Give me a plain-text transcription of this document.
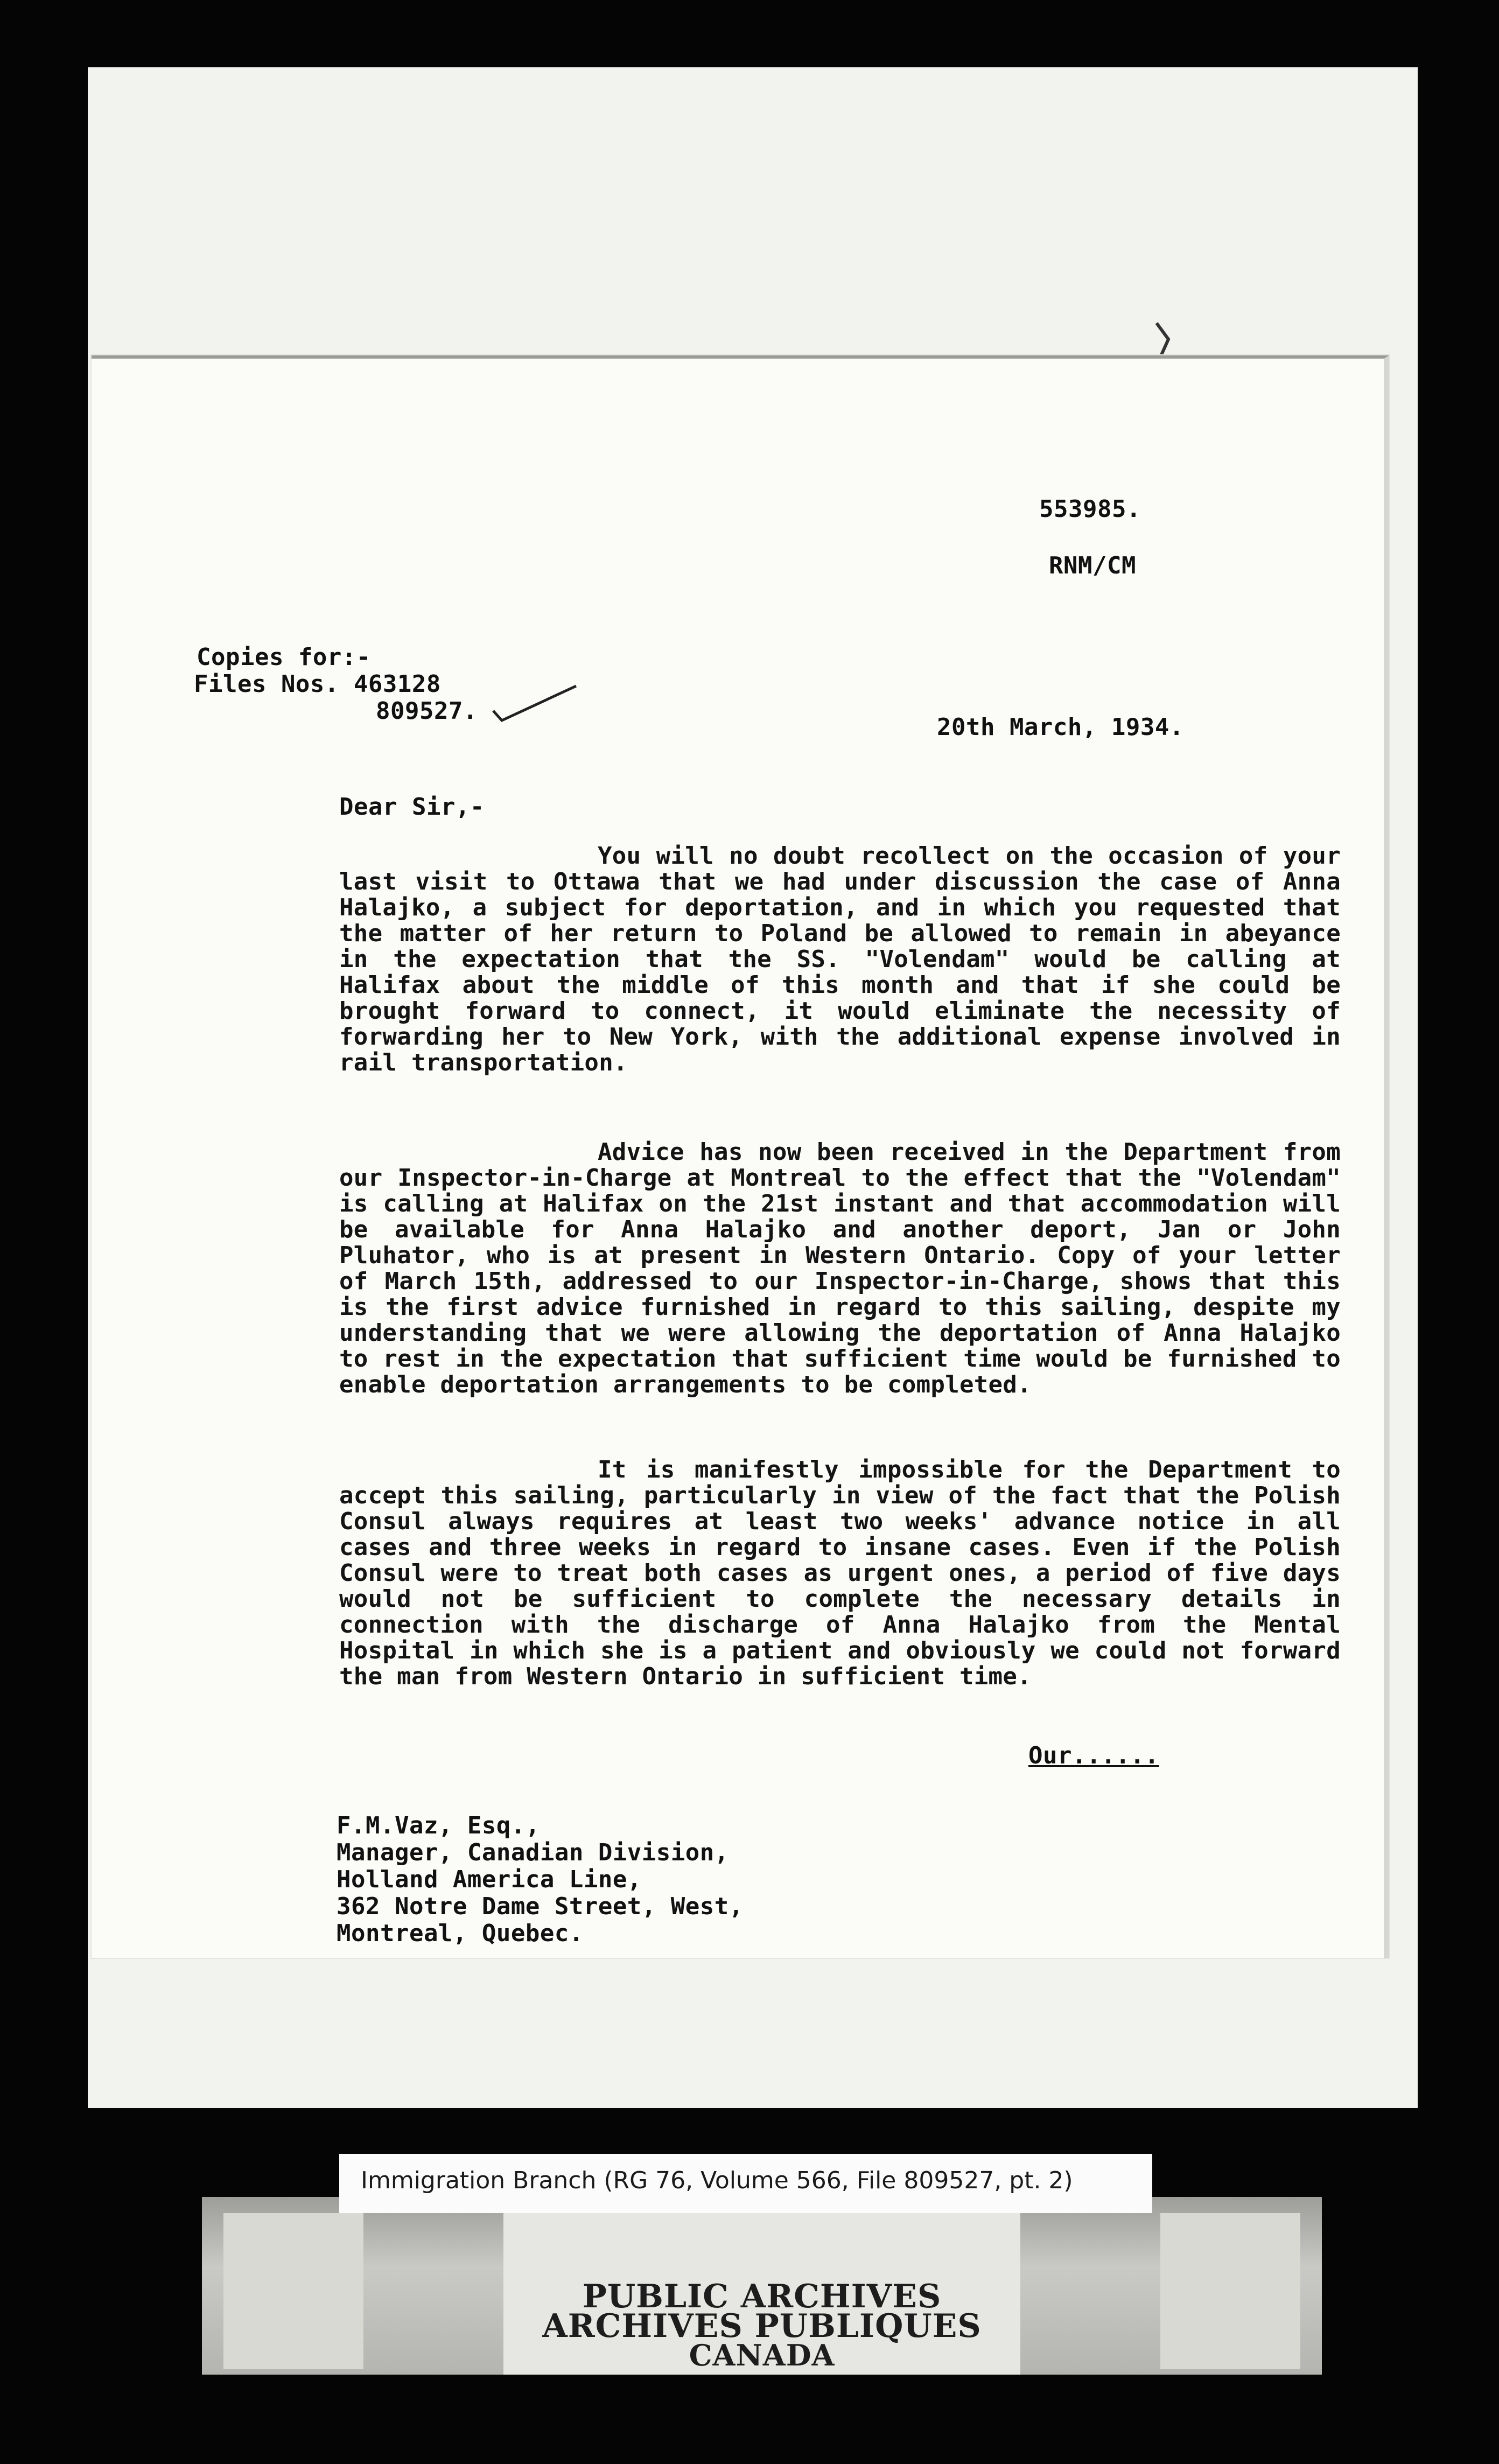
553985.
RNM/CM
Copies for:-
Files Nos. 463128
809527.
20th March, 1934.
Dear Sir,-
You will no doubt recollect on the occasion of your last visit to Ottawa that we had under discussion the case of Anna Halajko, a subject for deportation, and in which you requested that the matter of her return to Poland be allowed to remain in abeyance in the expectation that the SS. "Volendam" would be calling at Halifax about the middle of this month and that if she could be brought forward to connect, it would eliminate the necessity of forwarding her to New York, with the additional expense involved in rail transportation.
Advice has now been received in the Department from our Inspector-in-Charge at Montreal to the effect that the "Volendam" is calling at Halifax on the 21st instant and that accommodation will be available for Anna Halajko and another deport, Jan or John Pluhator, who is at present in Western Ontario. Copy of your letter of March 15th, addressed to our Inspector-in-Charge, shows that this is the first advice furnished in regard to this sailing, despite my understanding that we were allowing the deportation of Anna Halajko to rest in the expectation that sufficient time would be furnished to enable deportation arrangements to be completed.
It is manifestly impossible for the Department to accept this sailing, particularly in view of the fact that the Polish Consul always requires at least two weeks' advance notice in all cases and three weeks in regard to insane cases. Even if the Polish Consul were to treat both cases as urgent ones, a period of five days would not be sufficient to complete the necessary details in connection with the discharge of Anna Halajko from the Mental Hospital in which she is a patient and obviously we could not forward the man from Western Ontario in sufficient time.
Our......
F.M.Vaz, Esq.,
Manager, Canadian Division,
Holland America Line,
362 Notre Dame Street, West,
Montreal, Quebec.
PUBLIC ARCHIVES
ARCHIVES PUBLIQUES
CANADA
Immigration Branch (RG 76, Volume 566, File 809527, pt. 2)
